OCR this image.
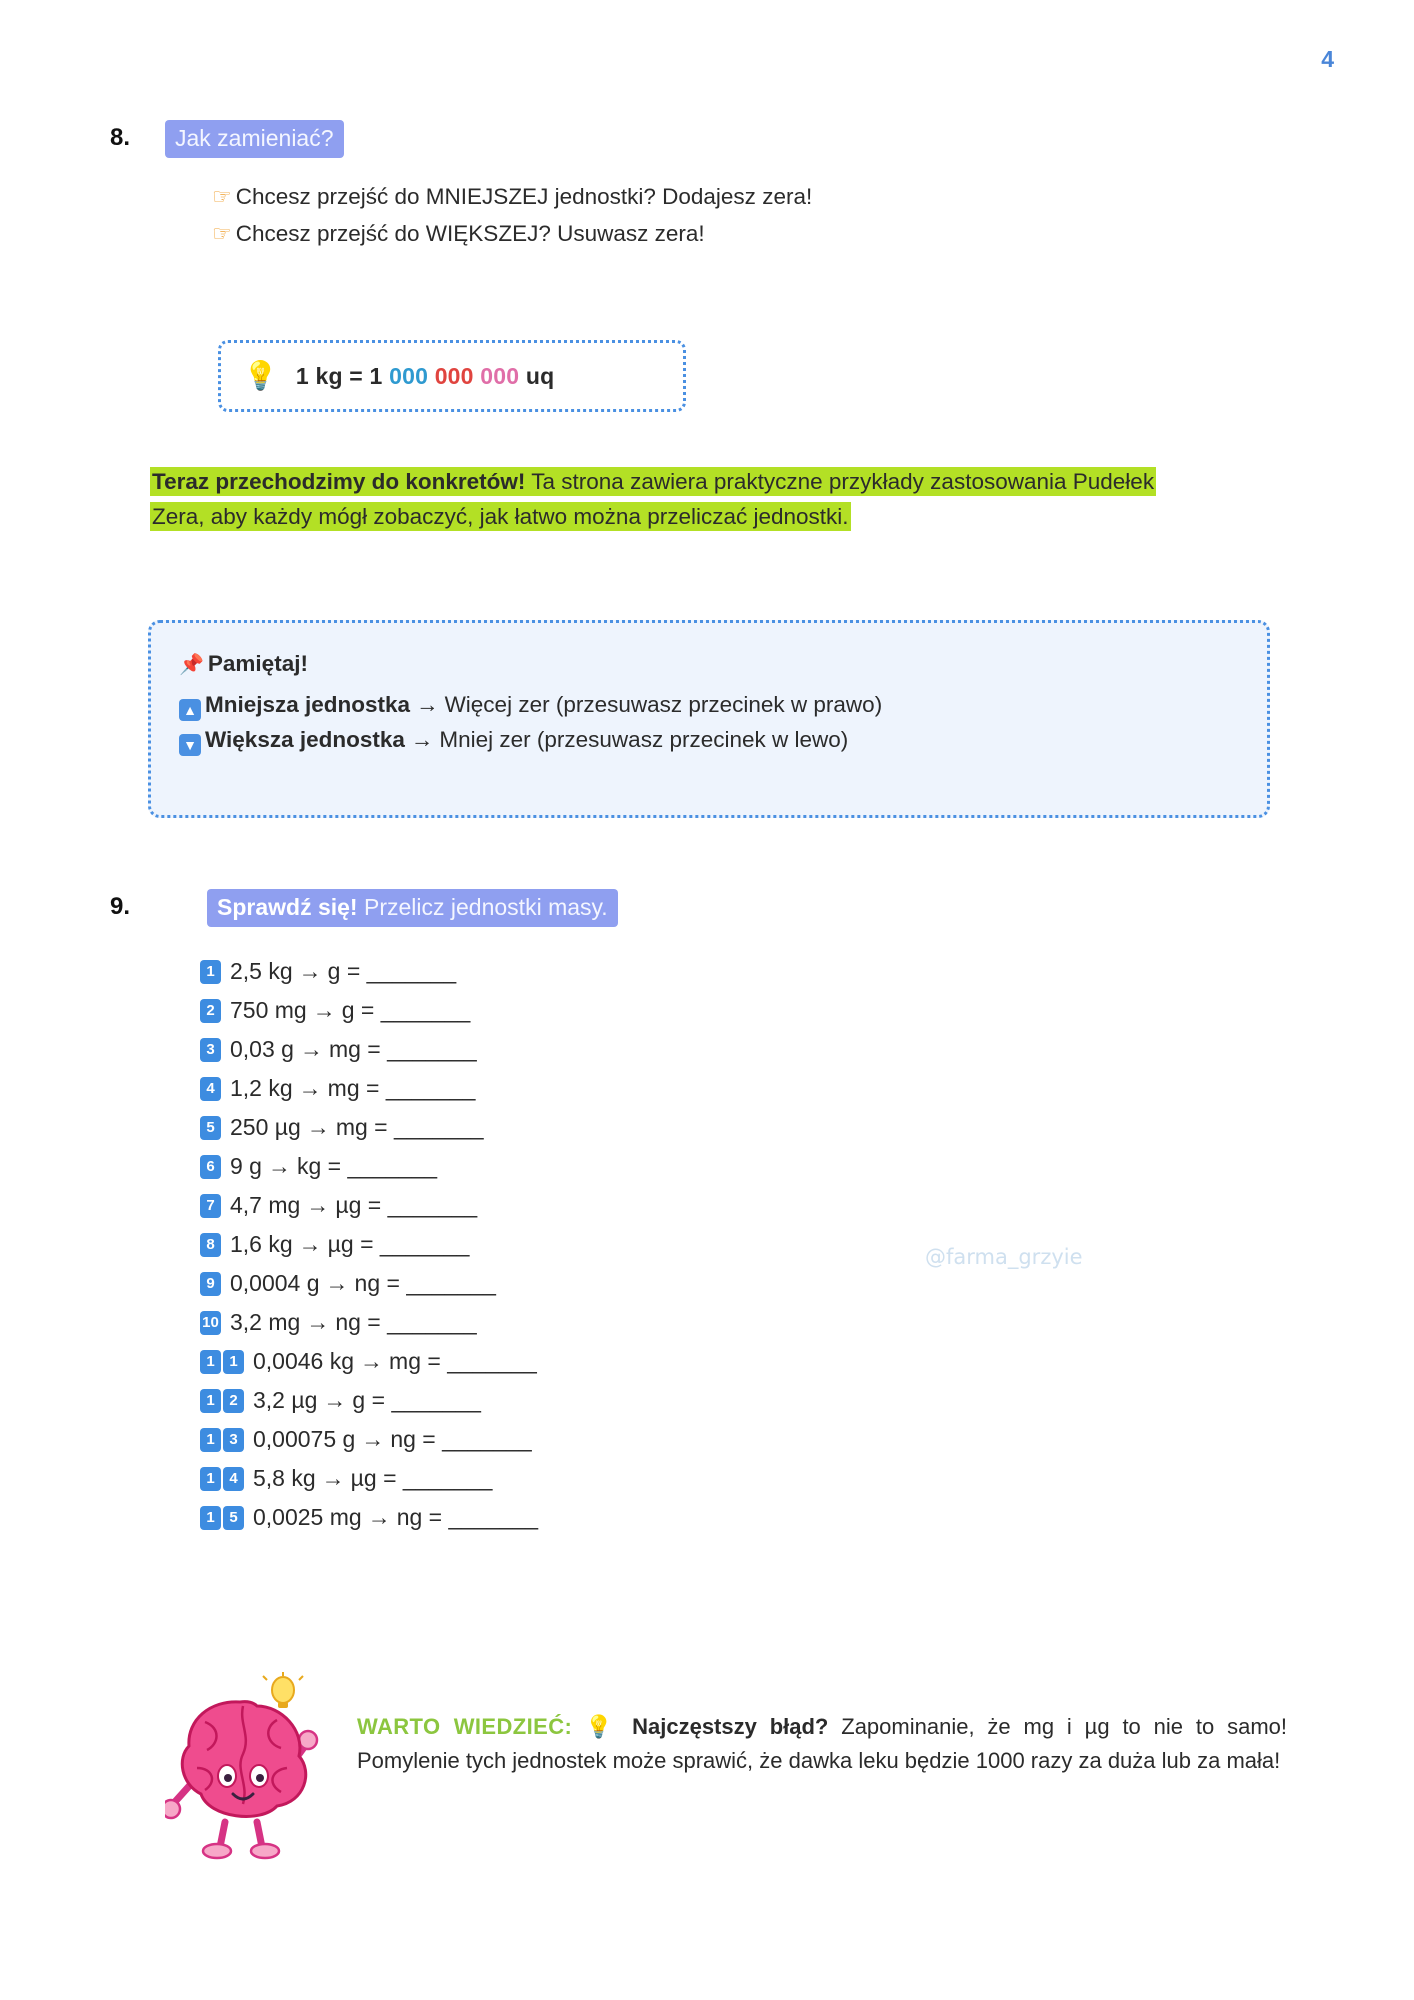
4
8.	Jak zamieniać?
☞ Chcesz przejść do MNIEJSZEJ jednostki? Dodajesz zera!
☞ Chcesz przejść do WIĘKSZEJ? Usuwasz zera!
💡 1 kg = 1 000 000 000 uq
Teraz przechodzimy do konkretów! Ta strona zawiera praktyczne przykłady zastosowania Pudełek Zera, aby każdy mógł zobaczyć, jak łatwo można przeliczać jednostki.
📌 Pamiętaj!
▲ Mniejsza jednostka → Więcej zer (przesuwasz przecinek w prawo)
▼ Większa jednostka → Mniej zer (przesuwasz przecinek w lewo)
9.	Sprawdź się! Przelicz jednostki masy.
1 2,5 kg → g = _______
2 750 mg → g = _______
3 0,03 g → mg = _______
4 1,2 kg → mg = _______
5 250 µg → mg = _______
6 9 g → kg = _______
7 4,7 mg → µg = _______
8 1,6 kg → µg = _______
9 0,0004 g → ng = _______
10 3,2 mg → ng = _______
1 1 0,0046 kg → mg = _______
1 2 3,2 µg → g = _______
1 3 0,00075 g → ng = _______
1 4 5,8 kg → µg = _______
1 5 0,0025 mg → ng = _______
@farma_grzyie
WARTO WIEDZIEĆ: 💡 Najczęstszy błąd? Zapominanie, że mg i µg to nie to samo! Pomylenie tych jednostek może sprawić, że dawka leku będzie 1000 razy za duża lub za mała!
